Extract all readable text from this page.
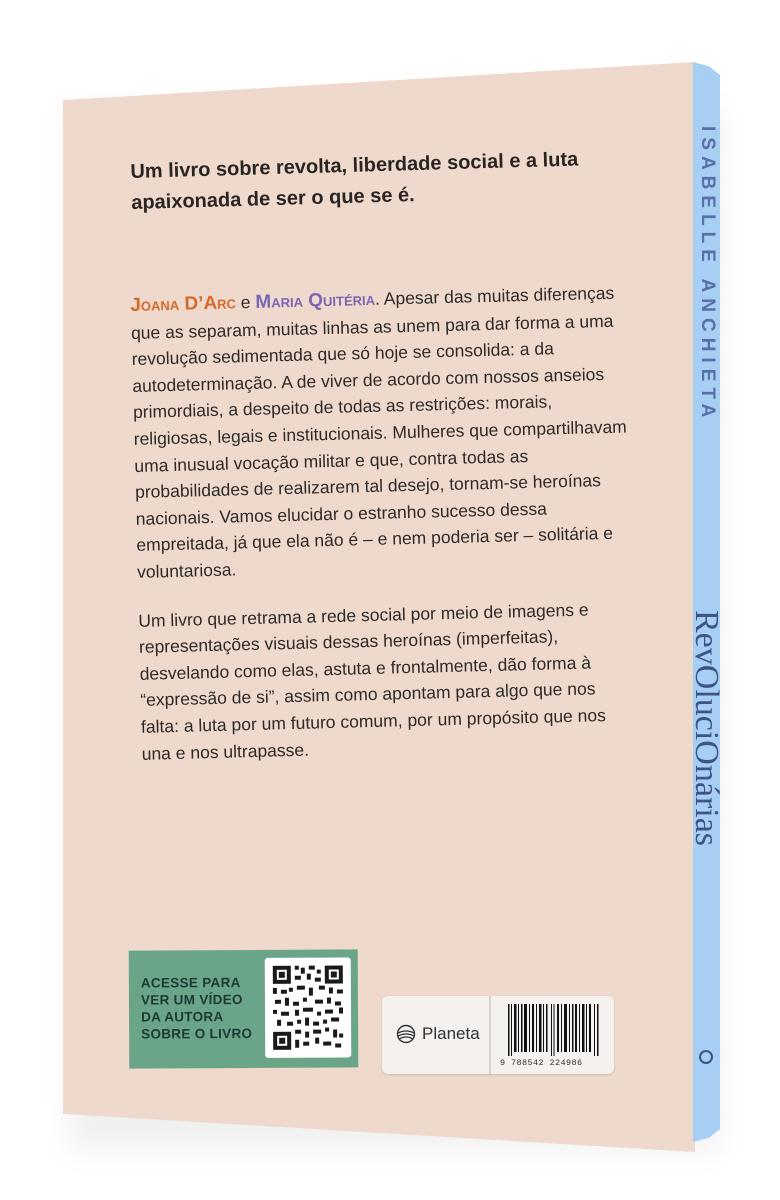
ISABELLE ANCHIETA
RevOluciOnárias
Um livro sobre revolta, liberdade social e a luta apaixonada de ser o que se é.

Joana D’Arc e Maria Quitéria. Apesar das muitas diferenças que as separam, muitas linhas as unem para dar forma a uma revolução sedimentada que só hoje se consolida: a da autodeterminação. A de viver de acordo com nossos anseios primordiais, a despeito de todas as restrições: morais, religiosas, legais e institucionais. Mulheres que compartilhavam uma inusual vocação militar e que, contra todas as probabilidades de realizarem tal desejo, tornam-se heroínas nacionais. Vamos elucidar o estranho sucesso dessa empreitada, já que ela não é – e nem poderia ser – solitária e voluntariosa.

Um livro que retrama a rede social por meio de imagens e representações visuais dessas heroínas (imperfeitas), desvelando como elas, astuta e frontalmente, dão forma à “expressão de si”, assim como apontam para algo que nos falta: a luta por um futuro comum, por um propósito que nos una e nos ultrapasse.

ACESSE PARA VER UM VÍDEO DA AUTORA SOBRE O LIVRO	Planeta
9 788542 224986
